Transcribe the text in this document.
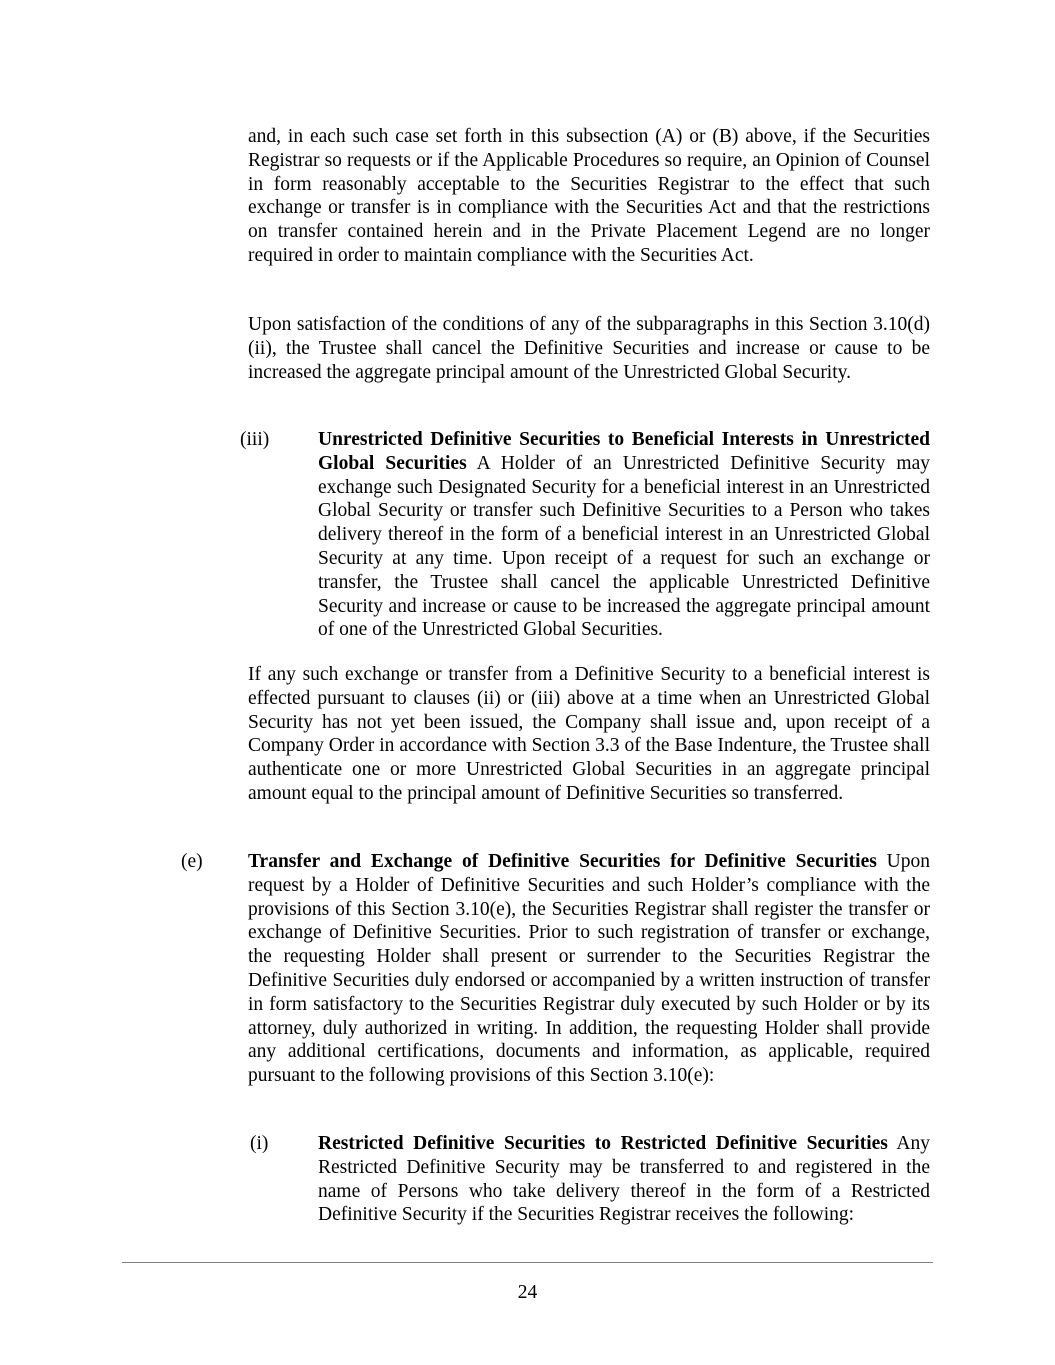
and, in each such case set forth in this subsection (A) or (B) above, if the Securities Registrar so requests or if the Applicable Procedures so require, an Opinion of Counsel in form reasonably acceptable to the Securities Registrar to the effect that such exchange or transfer is in compliance with the Securities Act and that the restrictions on transfer contained herein and in the Private Placement Legend are no longer required in order to maintain compliance with the Securities Act.

Upon satisfaction of the conditions of any of the subparagraphs in this Section 3.10(d)(ii), the Trustee shall cancel the Definitive Securities and increase or cause to be increased the aggregate principal amount of the Unrestricted Global Security.

(iii)	Unrestricted Definitive Securities to Beneficial Interests in Unrestricted Global Securities A Holder of an Unrestricted Definitive Security may exchange such Designated Security for a beneficial interest in an Unrestricted Global Security or transfer such Definitive Securities to a Person who takes delivery thereof in the form of a beneficial interest in an Unrestricted Global Security at any time. Upon receipt of a request for such an exchange or transfer, the Trustee shall cancel the applicable Unrestricted Definitive Security and increase or cause to be increased the aggregate principal amount of one of the Unrestricted Global Securities.

If any such exchange or transfer from a Definitive Security to a beneficial interest is effected pursuant to clauses (ii) or (iii) above at a time when an Unrestricted Global Security has not yet been issued, the Company shall issue and, upon receipt of a Company Order in accordance with Section 3.3 of the Base Indenture, the Trustee shall authenticate one or more Unrestricted Global Securities in an aggregate principal amount equal to the principal amount of Definitive Securities so transferred.

(e) Transfer and Exchange of Definitive Securities for Definitive Securities Upon request by a Holder of Definitive Securities and such Holder’s compliance with the provisions of this Section 3.10(e), the Securities Registrar shall register the transfer or exchange of Definitive Securities. Prior to such registration of transfer or exchange, the requesting Holder shall present or surrender to the Securities Registrar the Definitive Securities duly endorsed or accompanied by a written instruction of transfer in form satisfactory to the Securities Registrar duly executed by such Holder or by its attorney, duly authorized in writing. In addition, the requesting Holder shall provide any additional certifications, documents and information, as applicable, required pursuant to the following provisions of this Section 3.10(e):
(i)	Restricted Definitive Securities to Restricted Definitive Securities Any Restricted Definitive Security may be transferred to and registered in the name of Persons who take delivery thereof in the form of a Restricted Definitive Security if the Securities Registrar receives the following:
24
